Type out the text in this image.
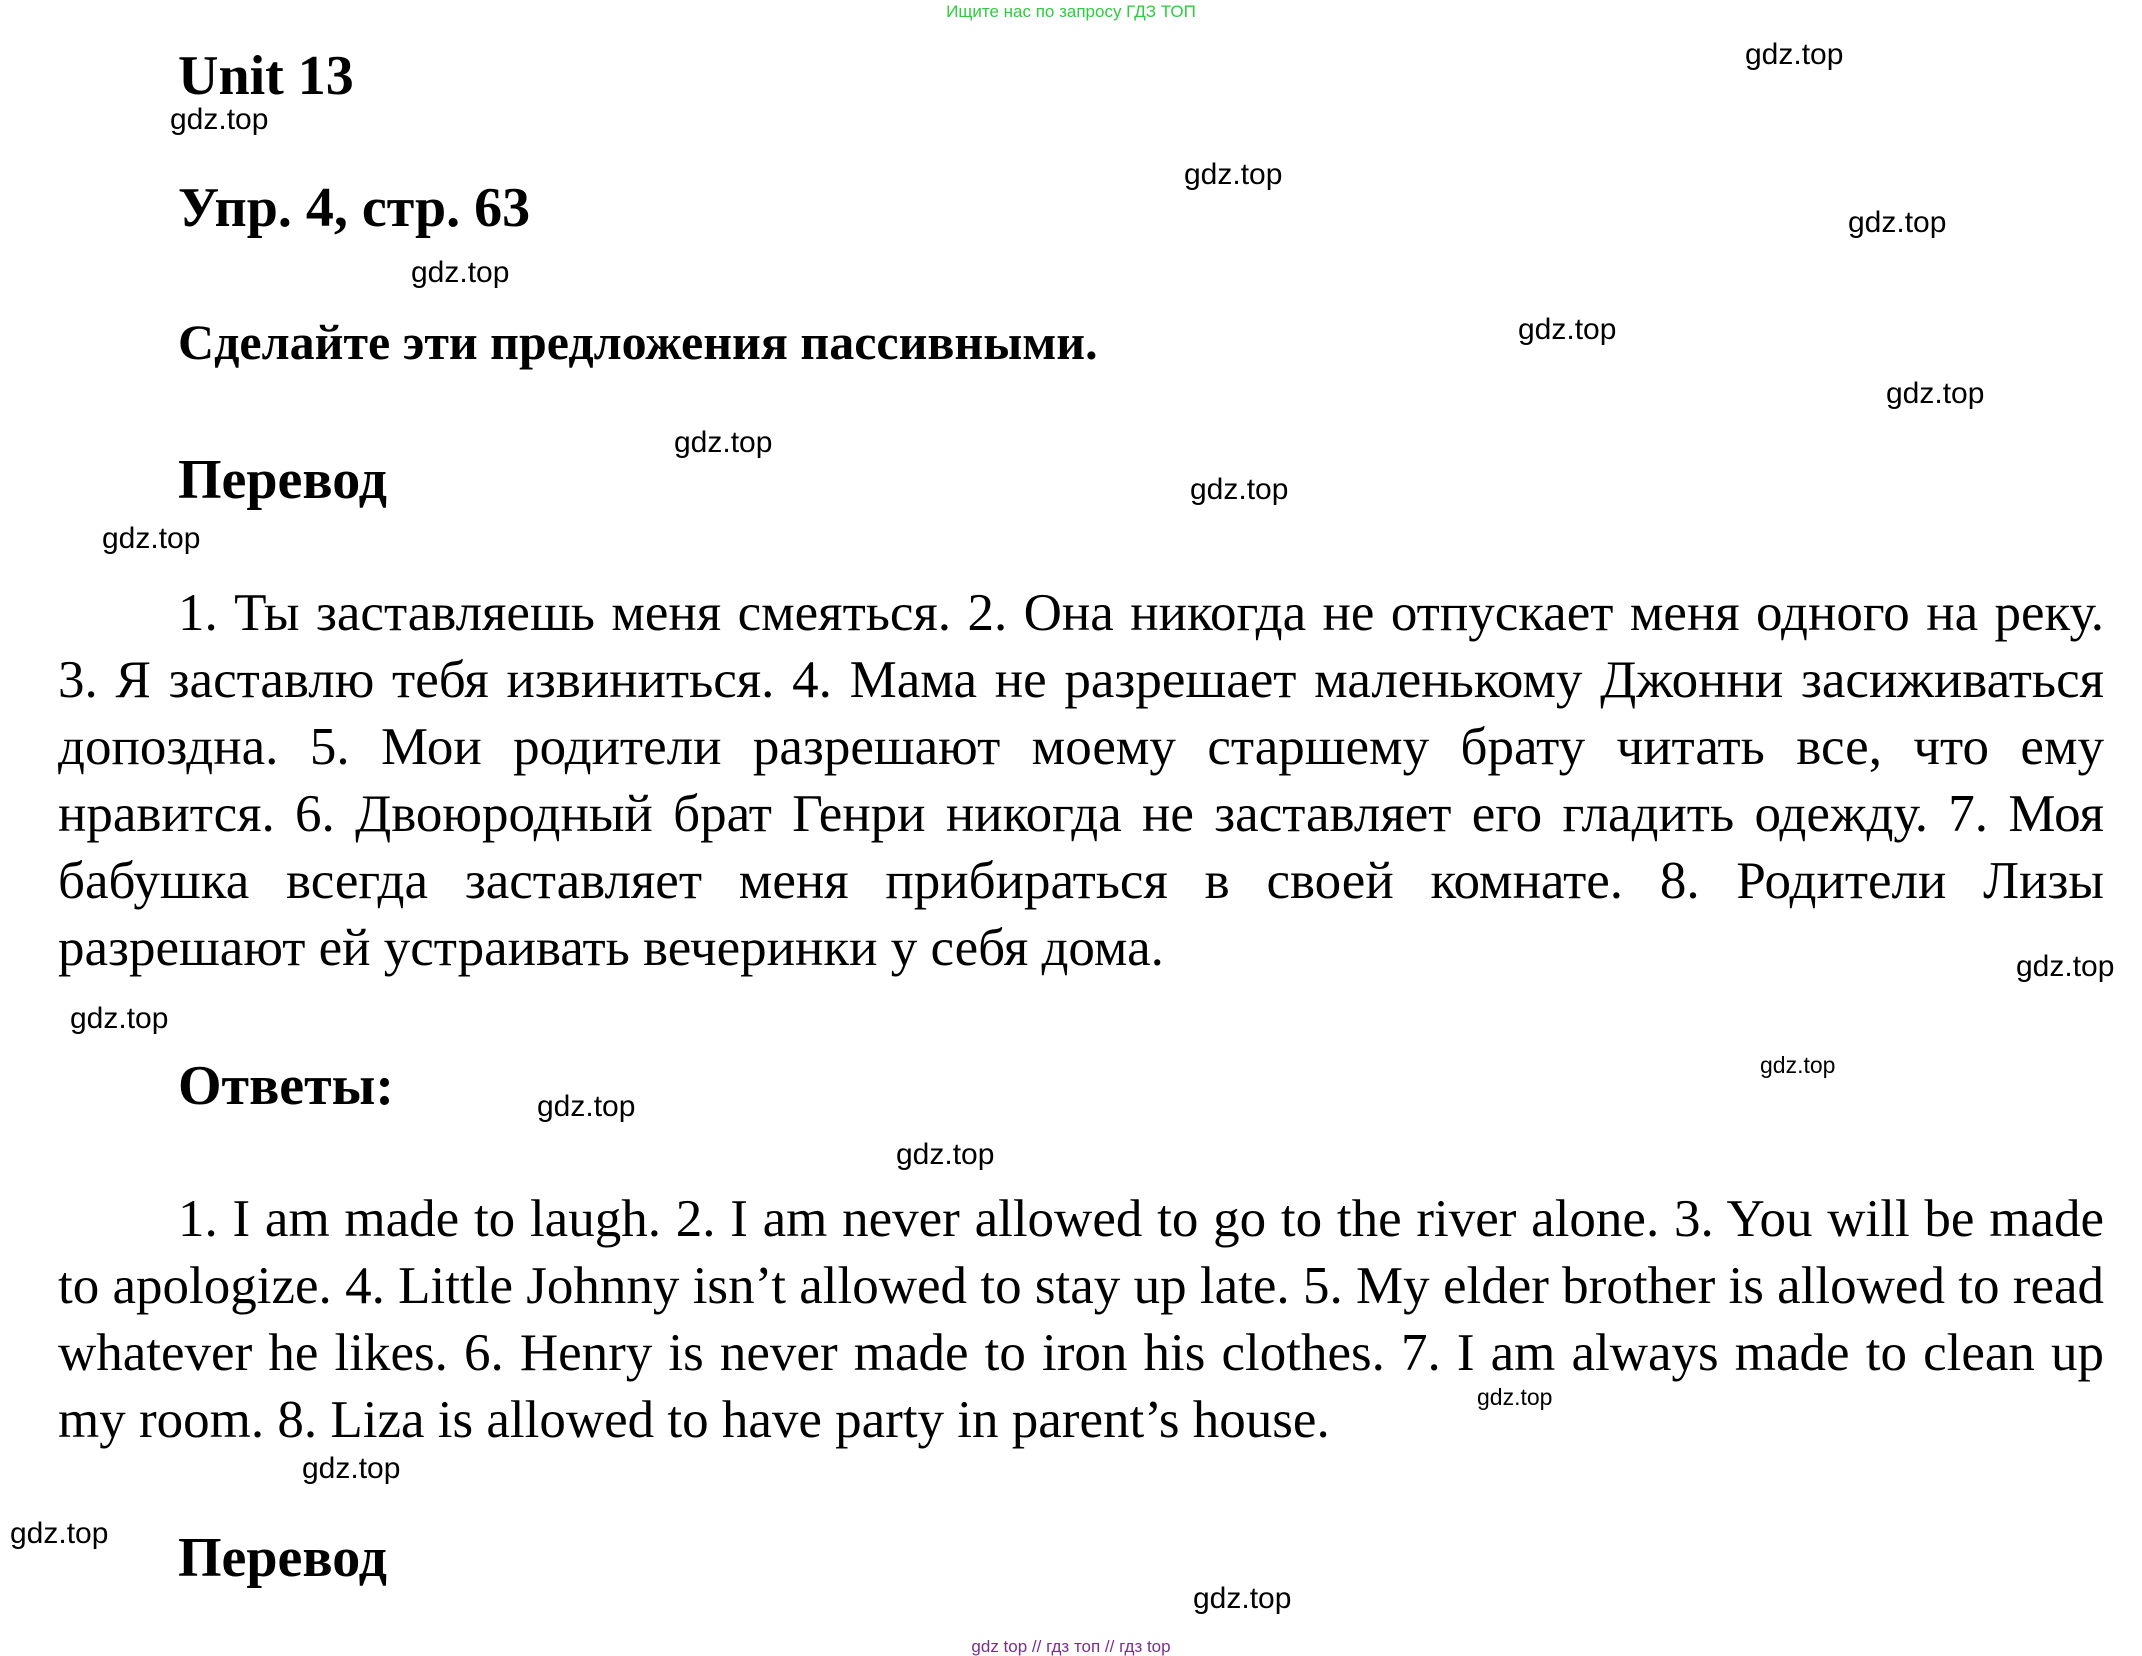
Ищите нас по запросу ГДЗ ТОП
Unit 13
Упр. 4, стр. 63
Сделайте эти предложения пассивными.
Перевод

1. Ты заставляешь меня смеяться. 2. Она никогда не отпускает меня одного на реку. 3. Я заставлю тебя извиниться. 4. Мама не разрешает маленькому Джонни засиживаться допоздна. 5. Мои родители разрешают моему старшему брату читать все, что ему нравится. 6. Двоюродный брат Генри никогда не заставляет его гладить одежду. 7. Моя бабушка всегда заставляет меня прибираться в своей комнате. 8. Родители Лизы разрешают ей устраивать вечеринки у себя дома.

Ответы:

1. I am made to laugh. 2. I am never allowed to go to the river alone. 3. You will be made to apologize. 4. Little Johnny isn’t allowed to stay up late. 5. My elder brother is allowed to read whatever he likes. 6. Henry is never made to iron his clothes. 7. I am always made to clean up my room. 8. Liza is allowed to have party in parent’s house.

Перевод
gdz.top
gdz.top
gdz.top
gdz.top
gdz.top
gdz.top
gdz.top
gdz.top
gdz.top
gdz.top
gdz.top
gdz.top
gdz.top
gdz.top
gdz.top
gdz.top
gdz.top
gdz.top
gdz.top
gdz top // гдз топ // гдз top
